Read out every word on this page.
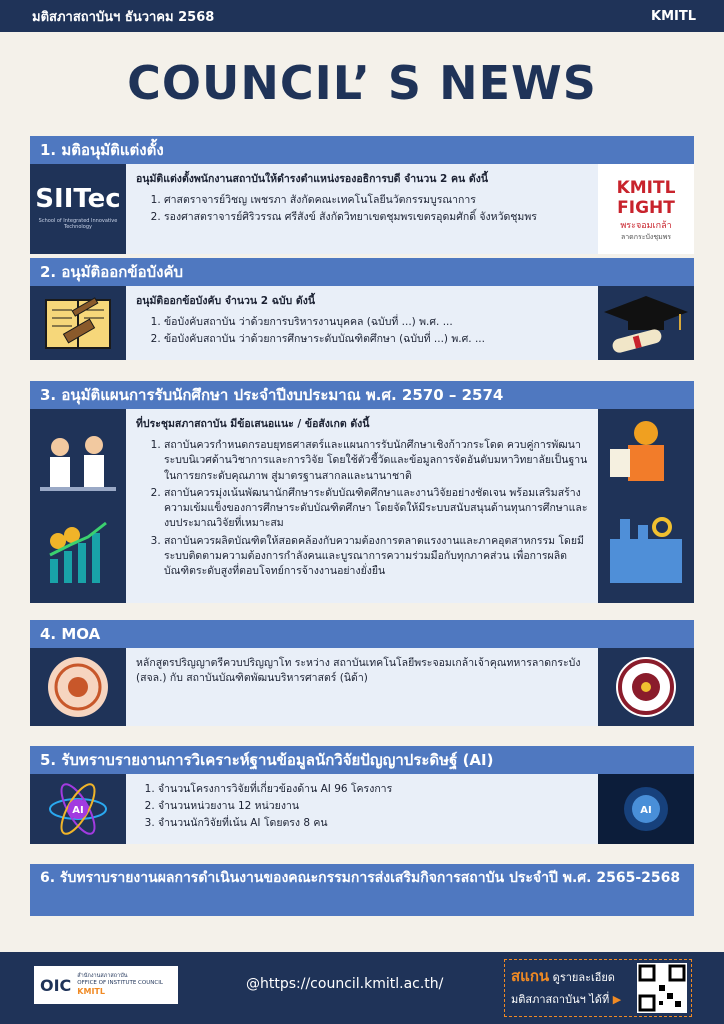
มติสภาสถาบันฯ ธันวาคม 2568	KMITL
COUNCIL’ S NEWS
1. มติอนุมัติแต่งตั้ง
SIITec
School of Integrated Innovative Technology
อนุมัติแต่งตั้งพนักงานสถาบันให้ดำรงตำแหน่งรองอธิการบดี จำนวน 2 คน ดังนี้
1. ศาสตราจารย์วิชญ เพชรภา สังกัดคณะเทคโนโลยีนวัตกรรมบูรณาการ
2. รองศาสตราจารย์ศิริวรรณ ศรีสังข์ สังกัดวิทยาเขตชุมพรเขตรอุดมศักดิ์ จังหวัดชุมพร
KMITL
FIGHT
พระจอมเกล้า
ลาดกระบังชุมพร
2. อนุมัติออกข้อบังคับ
อนุมัติออกข้อบังคับ จำนวน 2 ฉบับ ดังนี้
1. ข้อบังคับสถาบัน ว่าด้วยการบริหารงานบุคคล (ฉบับที่ ...) พ.ศ. ...
2. ข้อบังคับสถาบัน ว่าด้วยการศึกษาระดับบัณฑิตศึกษา (ฉบับที่ ...) พ.ศ. ...
3. อนุมัติแผนการรับนักศึกษา ประจำปีงบประมาณ พ.ศ. 2570 – 2574
ที่ประชุมสภาสถาบัน มีข้อเสนอแนะ / ข้อสังเกต ดังนี้
1. สถาบันควรกำหนดกรอบยุทธศาสตร์และแผนการรับนักศึกษาเชิงก้าวกระโดด ควบคู่การพัฒนาระบบนิเวศด้านวิชาการและการวิจัย โดยใช้ตัวชี้วัดและข้อมูลการจัดอันดับมหาวิทยาลัยเป็นฐานในการยกระดับคุณภาพ สู่มาตรฐานสากลและนานาชาติ
2. สถาบันควรมุ่งเน้นพัฒนานักศึกษาระดับบัณฑิตศึกษาและงานวิจัยอย่างชัดเจน พร้อมเสริมสร้างความเข้มแข็งของการศึกษาระดับบัณฑิตศึกษา โดยจัดให้มีระบบสนับสนุนด้านทุนการศึกษาและงบประมาณวิจัยที่เหมาะสม
3. สถาบันควรผลิตบัณฑิตให้สอดคล้องกับความต้องการตลาดแรงงานและภาคอุตสาหกรรม โดยมีระบบติดตามความต้องการกำลังคนและบูรณาการความร่วมมือกับทุกภาคส่วน เพื่อการผลิตบัณฑิตระดับสูงที่ตอบโจทย์การจ้างงานอย่างยั่งยืน
4. MOA
หลักสูตรปริญญาตรีควบปริญญาโท ระหว่าง สถาบันเทคโนโลยีพระจอมเกล้าเจ้าคุณทหารลาดกระบัง (สจล.) กับ สถาบันบัณฑิตพัฒนบริหารศาสตร์ (นิด้า)
5. รับทราบรายงานการวิเคราะห์ฐานข้อมูลนักวิจัยปัญญาประดิษฐ์ (AI)
AI
1. จำนวนโครงการวิจัยที่เกี่ยวข้องด้าน AI 96 โครงการ
2. จำนวนหน่วยงาน 12 หน่วยงาน
3. จำนวนนักวิจัยที่เน้น AI โดยตรง 8 คน
AI
6. รับทราบรายงานผลการดำเนินงานของคณะกรรมการส่งเสริมกิจการสถาบัน ประจำปี พ.ศ. 2565-2568
OIC สำนักงานสภาสถาบัน
OFFICE OF INSTITUTE COUNCIL
KMITL	@https://council.kmitl.ac.th/	สแกน ดูรายละเอียด
มติสภาสถาบันฯ ได้ที่ ▶
